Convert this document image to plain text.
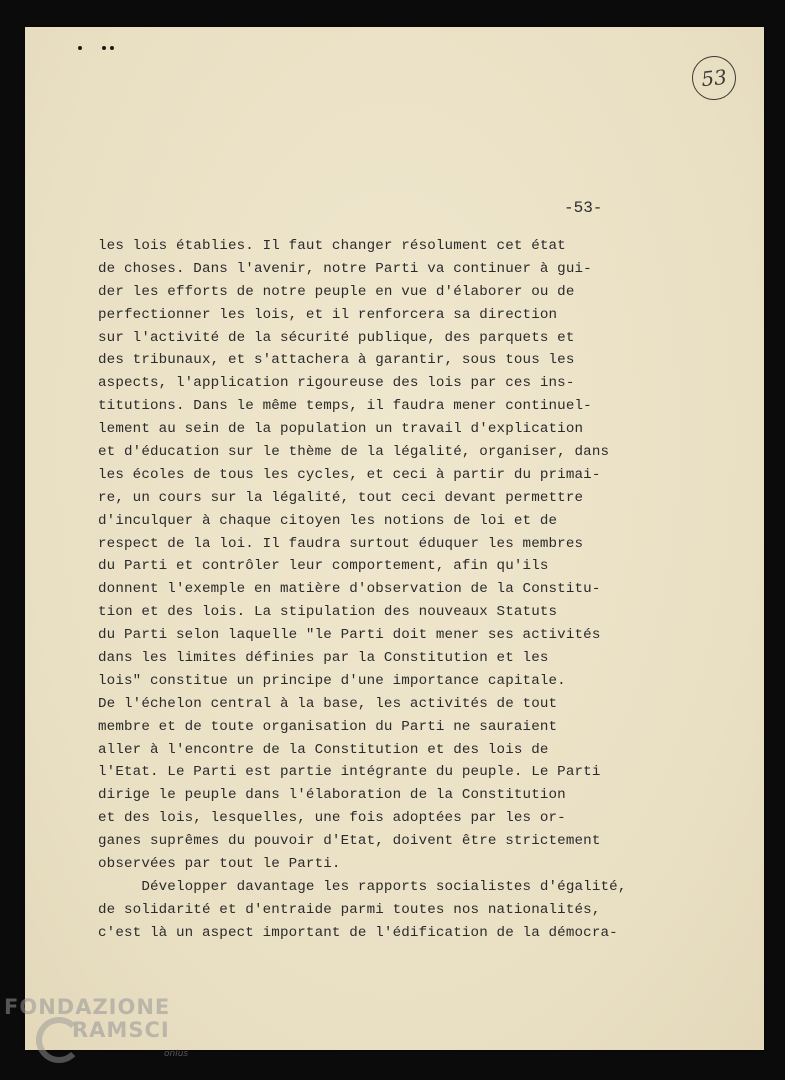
53
-53-
les lois établies. Il faut changer résolument cet état
de choses. Dans l'avenir, notre Parti va continuer à gui-
der les efforts de notre peuple en vue d'élaborer ou de
perfectionner les lois, et il renforcera sa direction
sur l'activité de la sécurité publique, des parquets et
des tribunaux, et s'attachera à garantir, sous tous les
aspects, l'application rigoureuse des lois par ces ins-
titutions. Dans le même temps, il faudra mener continuel-
lement au sein de la population un travail d'explication
et d'éducation sur le thème de la légalité, organiser, dans
les écoles de tous les cycles, et ceci à partir du primai-
re, un cours sur la légalité, tout ceci devant permettre
d'inculquer à chaque citoyen les notions de loi et de
respect de la loi. Il faudra surtout éduquer les membres
du Parti et contrôler leur comportement, afin qu'ils
donnent l'exemple en matière d'observation de la Constitu-
tion et des lois. La stipulation des nouveaux Statuts
du Parti selon laquelle "le Parti doit mener ses activités
dans les limites définies par la Constitution et les
lois" constitue un principe d'une importance capitale.
De l'échelon central à la base, les activités de tout
membre et de toute organisation du Parti ne sauraient
aller à l'encontre de la Constitution et des lois de
l'Etat. Le Parti est partie intégrante du peuple. Le Parti
dirige le peuple dans l'élaboration de la Constitution
et des lois, lesquelles, une fois adoptées par les or-
ganes suprêmes du pouvoir d'Etat, doivent être strictement
observées par tout le Parti.
Développer davantage les rapports socialistes d'égalité,
de solidarité et d'entraide parmi toutes nos nationalités,
c'est là un aspect important de l'édification de la démocra-
FONDAZIONE
RAMSCI
onlus
